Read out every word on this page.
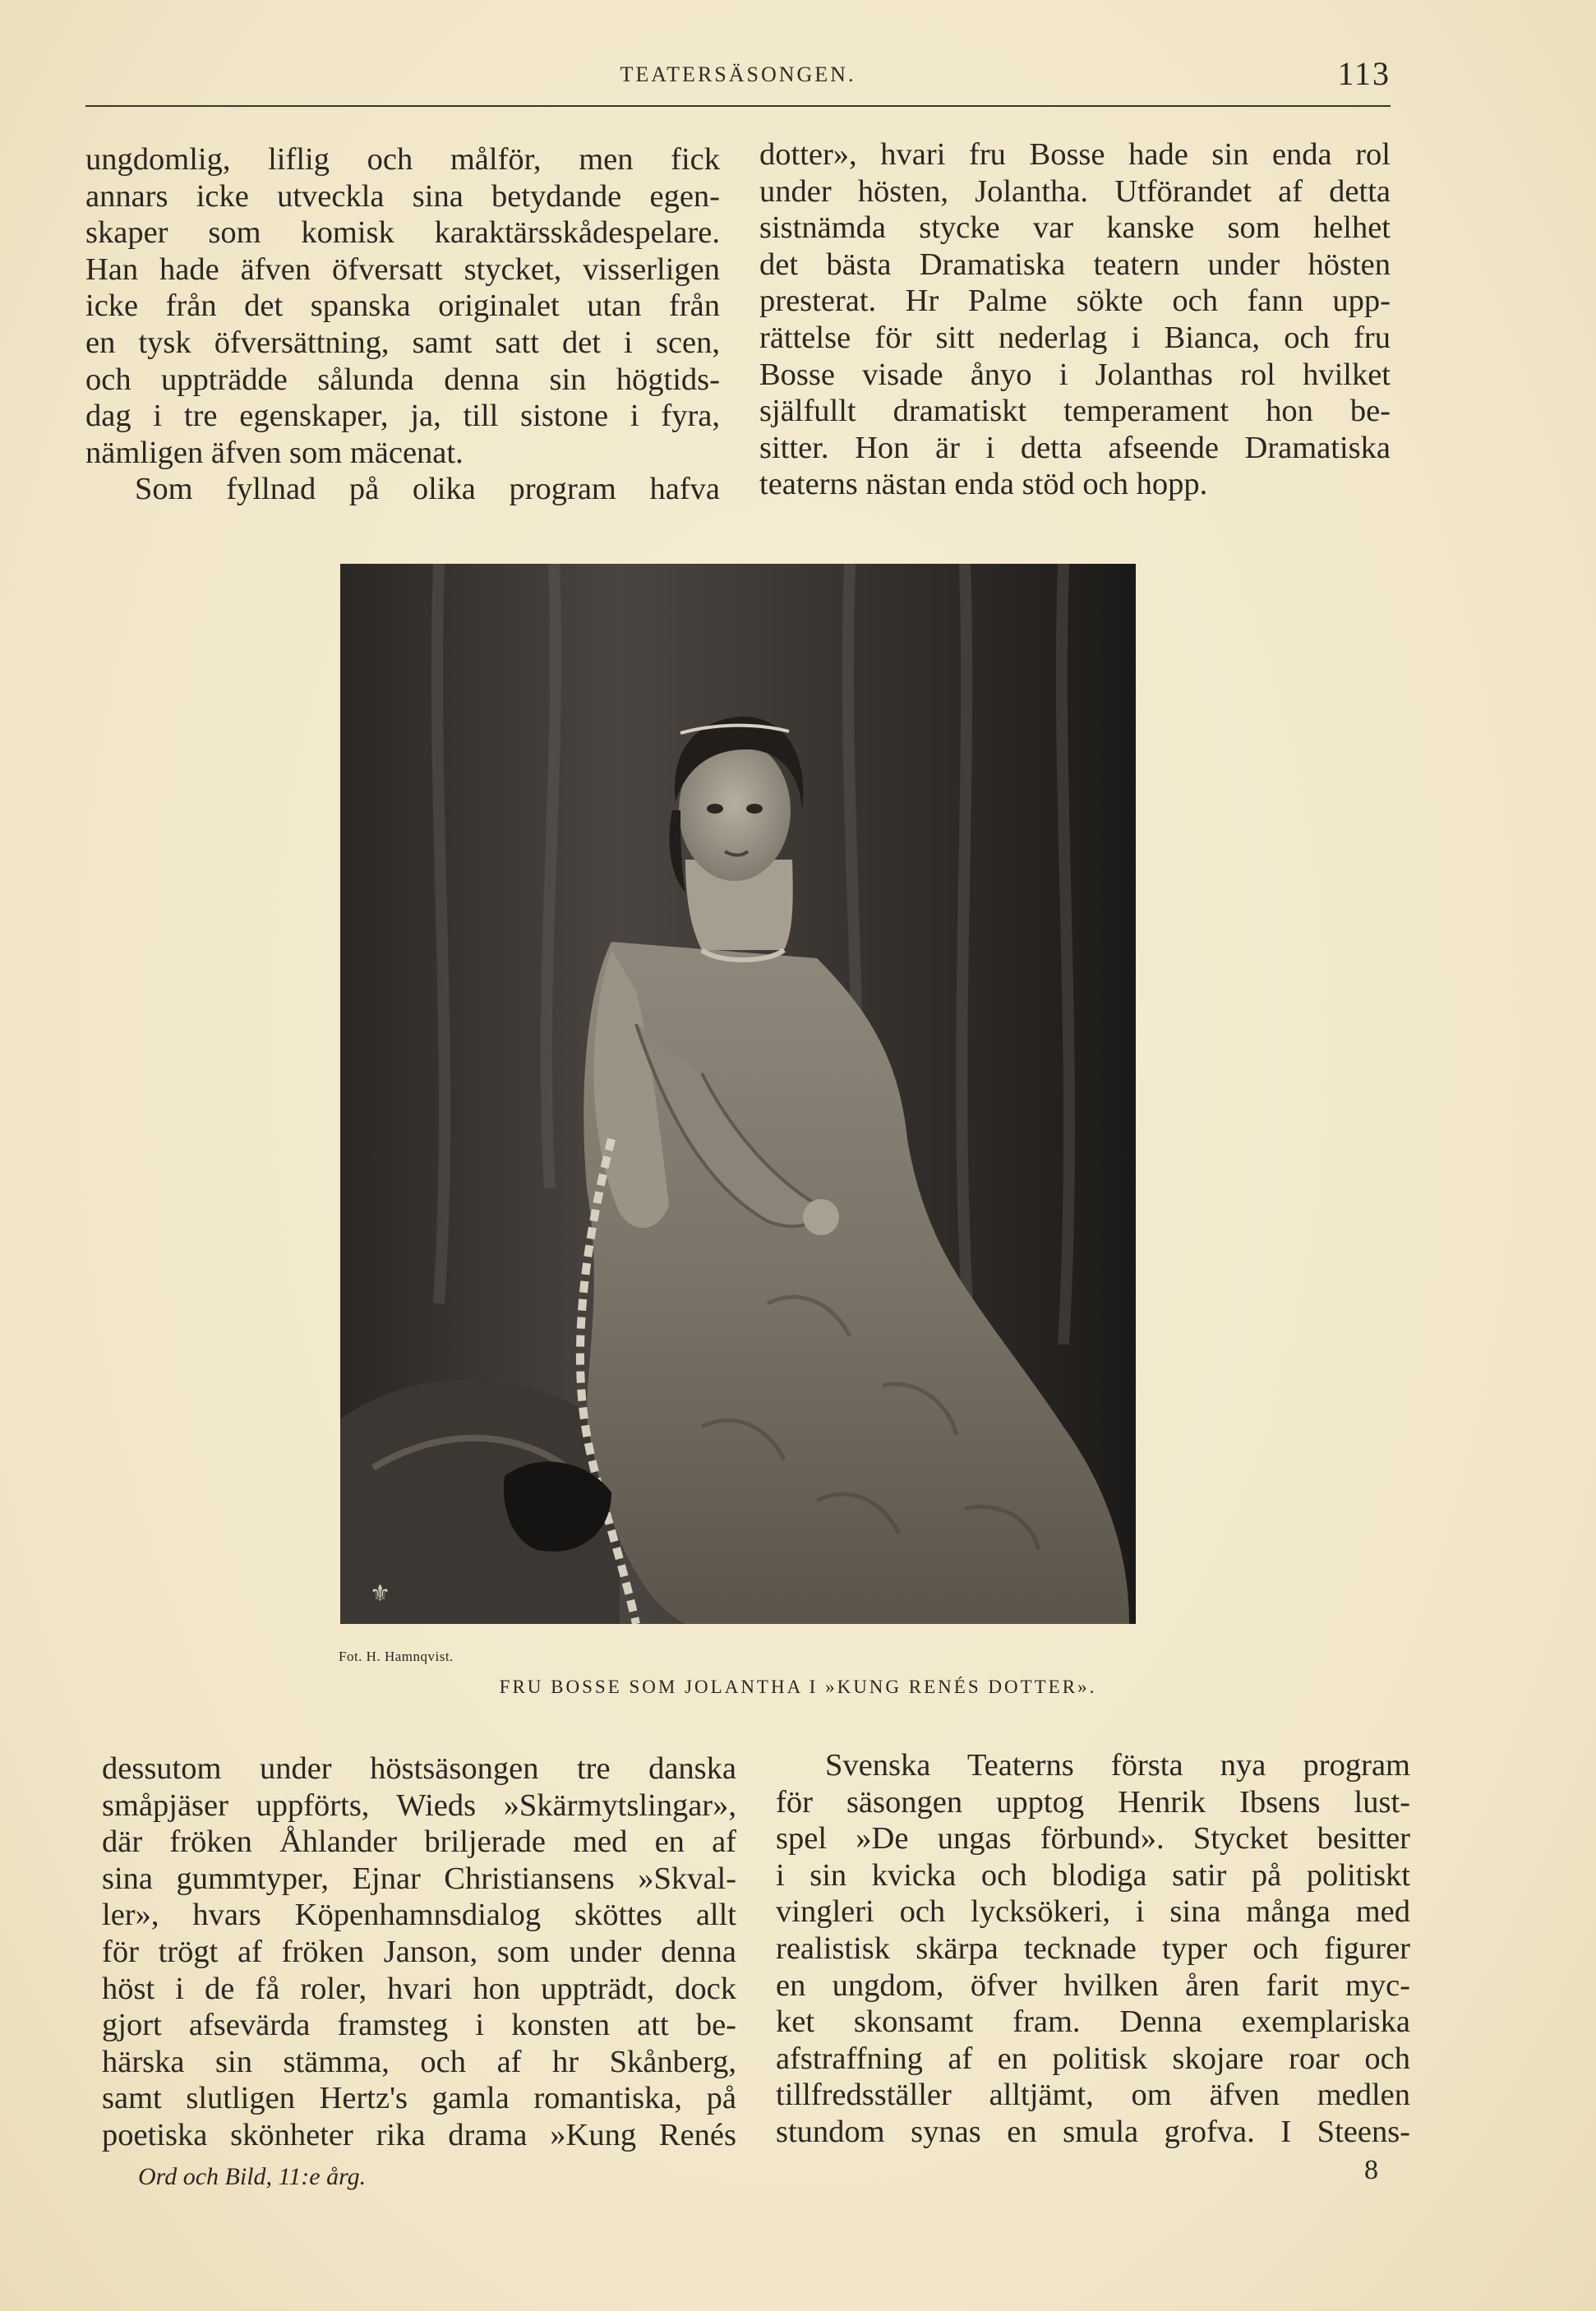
TEATERSÄSONGEN.	113
ungdomlig, liflig och målför, men fick
annars icke utveckla sina betydande egen-
skaper som komisk karaktärsskådespelare.
Han hade äfven öfversatt stycket, visserligen
icke från det spanska originalet utan från
en tysk öfversättning, samt satt det i scen,
och uppträdde sålunda denna sin högtids-
dag i tre egenskaper, ja, till sistone i fyra,
nämligen äfven som mäcenat.
Som fyllnad på olika program hafva
dotter», hvari fru Bosse hade sin enda rol
under hösten, Jolantha. Utförandet af detta
sistnämda stycke var kanske som helhet
det bästa Dramatiska teatern under hösten
presterat. Hr Palme sökte och fann upp-
rättelse för sitt nederlag i Bianca, och fru
Bosse visade ånyo i Jolanthas rol hvilket
själfullt dramatiskt temperament hon be-
sitter. Hon är i detta afseende Dramatiska
teaterns nästan enda stöd och hopp.
⚜
Fot. H. Hamnqvist.
FRU BOSSE SOM JOLANTHA I »KUNG RENÉS DOTTER».
dessutom under höstsäsongen tre danska
småpjäser uppförts, Wieds »Skärmytslingar»,
där fröken Åhlander briljerade med en af
sina gummtyper, Ejnar Christiansens »Skval-
ler», hvars Köpenhamnsdialog sköttes allt
för trögt af fröken Janson, som under denna
höst i de få roler, hvari hon uppträdt, dock
gjort afsevärda framsteg i konsten att be-
härska sin stämma, och af hr Skånberg,
samt slutligen Hertz's gamla romantiska, på
poetiska skönheter rika drama »Kung Renés
Svenska Teaterns första nya program
för säsongen upptog Henrik Ibsens lust-
spel »De ungas förbund». Stycket besitter
i sin kvicka och blodiga satir på politiskt
vingleri och lycksökeri, i sina många med
realistisk skärpa tecknade typer och figurer
en ungdom, öfver hvilken åren farit myc-
ket skonsamt fram. Denna exemplariska
afstraffning af en politisk skojare roar och
tillfredsställer alltjämt, om äfven medlen
stundom synas en smula grofva. I Steens-
Ord och Bild, 11:e årg.	8
